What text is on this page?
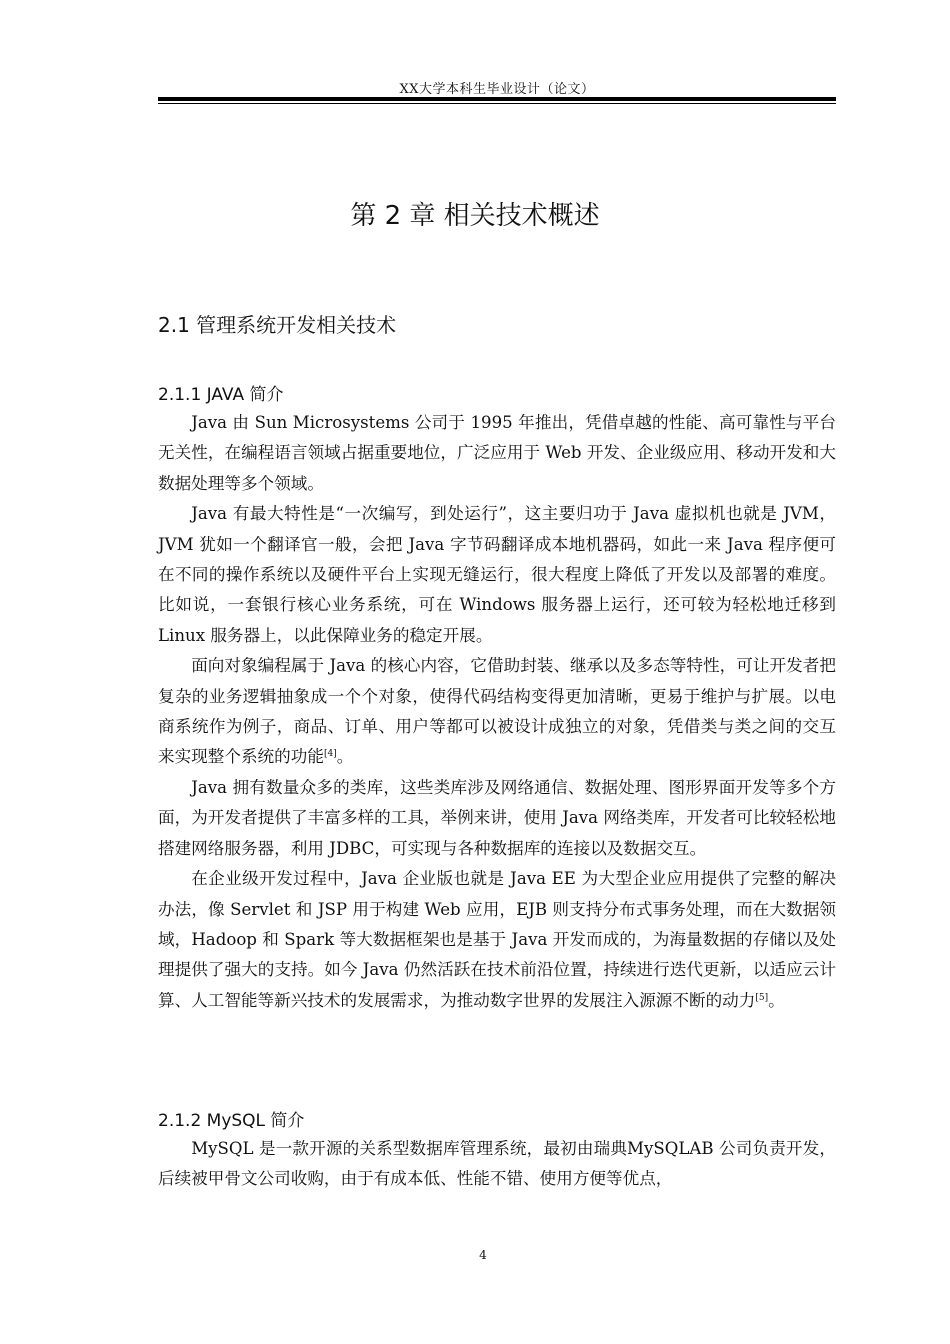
XX大学本科生毕业设计（论文）
第 2 章 相关技术概述
2.1 管理系统开发相关技术
2.1.1 JAVA 简介

Java 由 Sun Microsystems 公司于 1995 年推出，凭借卓越的性能、高可靠性与平台无关性，在编程语言领域占据重要地位，广泛应用于 Web 开发、企业级应用、移动开发和大数据处理等多个领域。

Java 有最大特性是“一次编写，到处运行”，这主要归功于 Java 虚拟机也就是 JVM，JVM 犹如一个翻译官一般，会把 Java 字节码翻译成本地机器码，如此一来 Java 程序便可在不同的操作系统以及硬件平台上实现无缝运行，很大程度上降低了开发以及部署的难度。比如说，一套银行核心业务系统，可在 Windows 服务器上运行，还可较为轻松地迁移到 Linux 服务器上，以此保障业务的稳定开展。

面向对象编程属于 Java 的核心内容，它借助封装、继承以及多态等特性，可让开发者把复杂的业务逻辑抽象成一个个对象，使得代码结构变得更加清晰，更易于维护与扩展。以电商系统作为例子，商品、订单、用户等都可以被设计成独立的对象，凭借类与类之间的交互来实现整个系统的功能[4]。

Java 拥有数量众多的类库，这些类库涉及网络通信、数据处理、图形界面开发等多个方面，为开发者提供了丰富多样的工具，举例来讲，使用 Java 网络类库，开发者可比较轻松地搭建网络服务器，利用 JDBC，可实现与各种数据库的连接以及数据交互。

在企业级开发过程中，Java 企业版也就是 Java EE 为大型企业应用提供了完整的解决办法，像 Servlet 和 JSP 用于构建 Web 应用，EJB 则支持分布式事务处理，而在大数据领域，Hadoop 和 Spark 等大数据框架也是基于 Java 开发而成的，为海量数据的存储以及处理提供了强大的支持。如今 Java 仍然活跃在技术前沿位置，持续进行迭代更新，以适应云计算、人工智能等新兴技术的发展需求，为推动数字世界的发展注入源源不断的动力[5]。

2.1.2 MySQL 简介

MySQL 是一款开源的关系型数据库管理系统，最初由瑞典MySQLAB 公司负责开发，后续被甲骨文公司收购，由于有成本低、性能不错、使用方便等优点，

4
